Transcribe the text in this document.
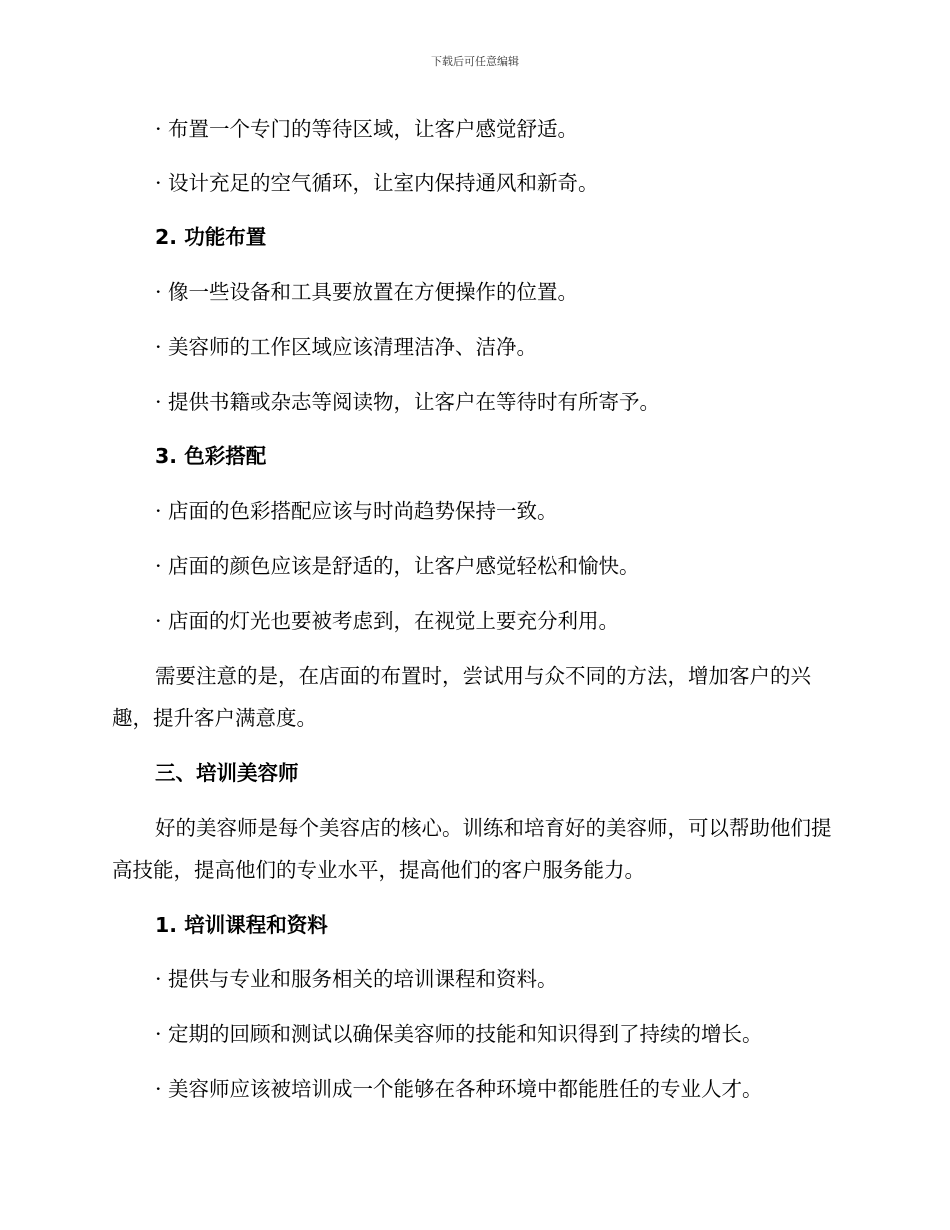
下载后可任意编辑
· 布置一个专门的等待区域，让客户感觉舒适。
· 设计充足的空气循环，让室内保持通风和新奇。
2. 功能布置
· 像一些设备和工具要放置在方便操作的位置。
· 美容师的工作区域应该清理洁净、洁净。
· 提供书籍或杂志等阅读物，让客户在等待时有所寄予。
3. 色彩搭配
· 店面的色彩搭配应该与时尚趋势保持一致。
· 店面的颜色应该是舒适的，让客户感觉轻松和愉快。
· 店面的灯光也要被考虑到，在视觉上要充分利用。
需要注意的是，在店面的布置时，尝试用与众不同的方法，增加客户的兴趣，提升客户满意度。
三、培训美容师
好的美容师是每个美容店的核心。训练和培育好的美容师，可以帮助他们提高技能，提高他们的专业水平，提高他们的客户服务能力。
1. 培训课程和资料
· 提供与专业和服务相关的培训课程和资料。
· 定期的回顾和测试以确保美容师的技能和知识得到了持续的增长。
· 美容师应该被培训成一个能够在各种环境中都能胜任的专业人才。
